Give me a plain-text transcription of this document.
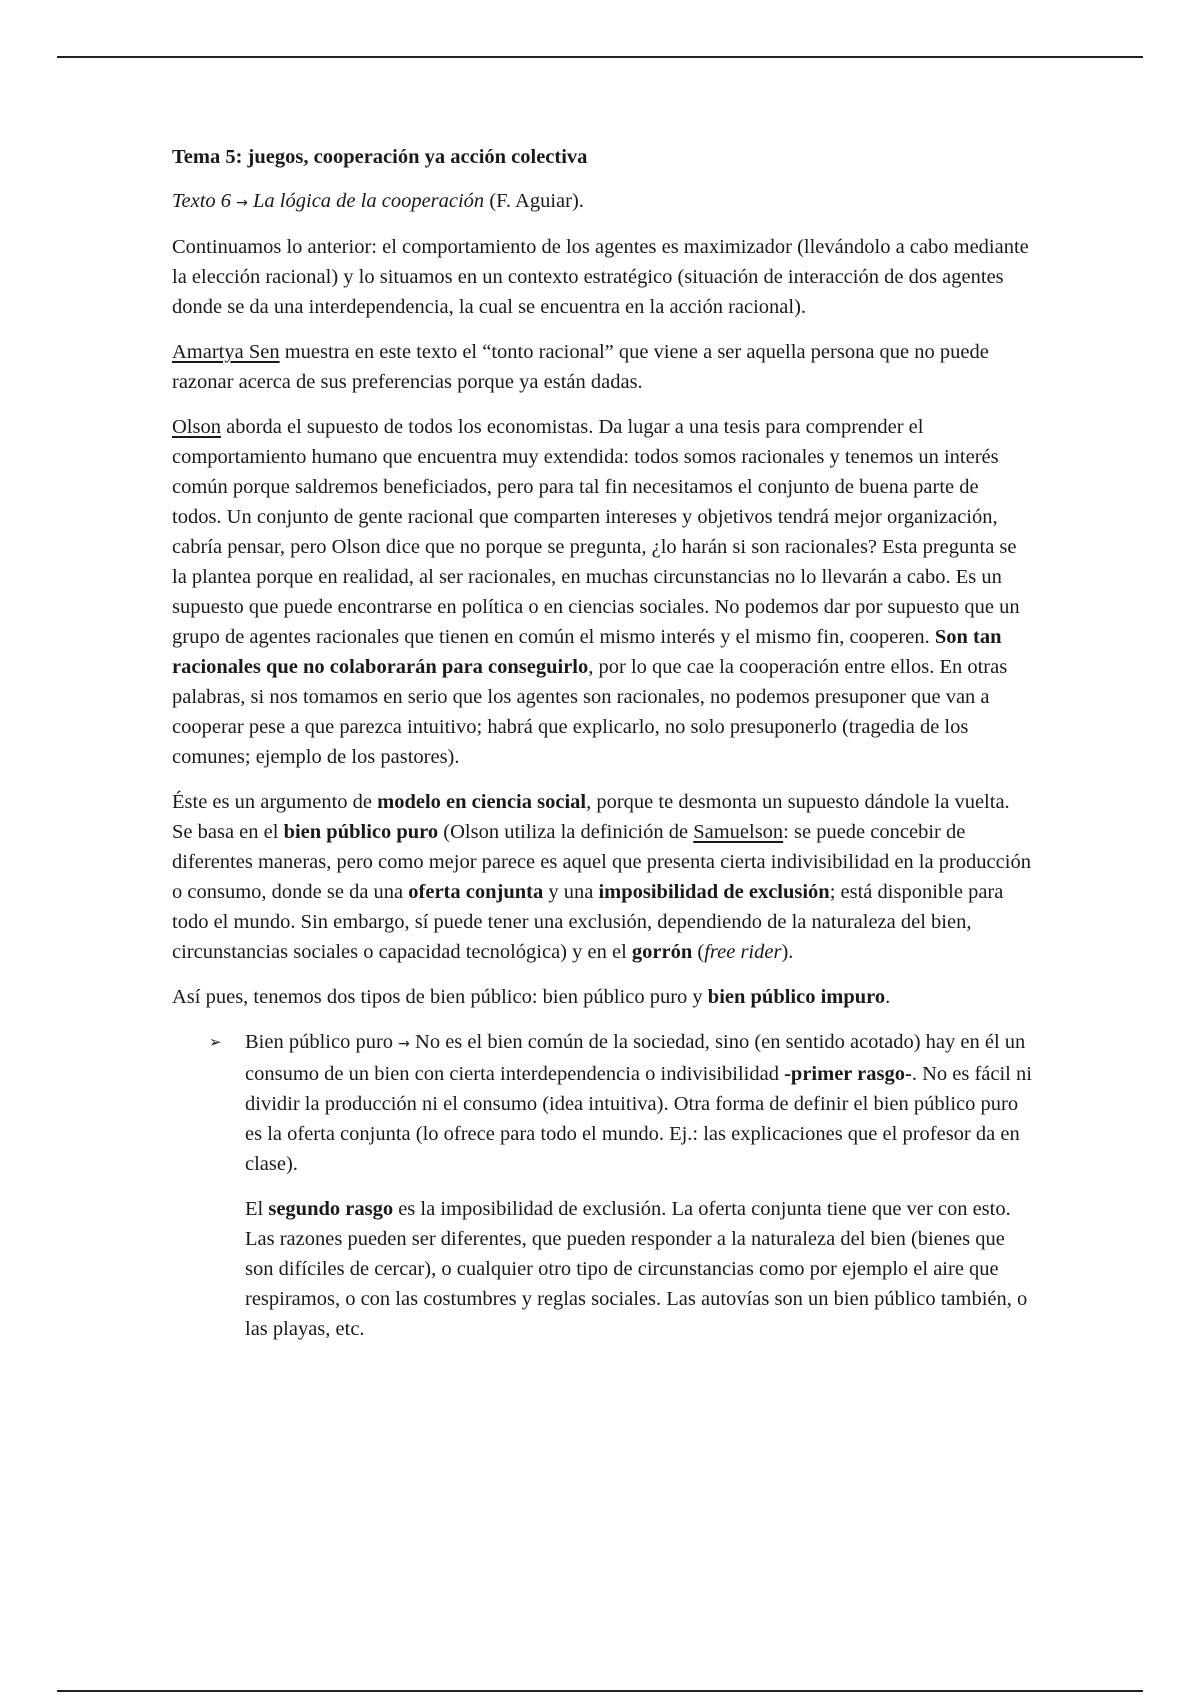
Tema 5: juegos, cooperación ya acción colectiva

Texto 6 → La lógica de la cooperación (F. Aguiar).

Continuamos lo anterior: el comportamiento de los agentes es maximizador (llevándolo a cabo mediante la elección racional) y lo situamos en un contexto estratégico (situación de interacción de dos agentes donde se da una interdependencia, la cual se encuentra en la acción racional).

Amartya Sen muestra en este texto el “tonto racional” que viene a ser aquella persona que no puede razonar acerca de sus preferencias porque ya están dadas.

Olson aborda el supuesto de todos los economistas. Da lugar a una tesis para comprender el comportamiento humano que encuentra muy extendida: todos somos racionales y tenemos un interés común porque saldremos beneficiados, pero para tal fin necesitamos el conjunto de buena parte de todos. Un conjunto de gente racional que comparten intereses y objetivos tendrá mejor organización, cabría pensar, pero Olson dice que no porque se pregunta, ¿lo harán si son racionales? Esta pregunta se la plantea porque en realidad, al ser racionales, en muchas circunstancias no lo llevarán a cabo. Es un supuesto que puede encontrarse en política o en ciencias sociales. No podemos dar por supuesto que un grupo de agentes racionales que tienen en común el mismo interés y el mismo fin, cooperen. Son tan racionales que no colaborarán para conseguirlo, por lo que cae la cooperación entre ellos. En otras palabras, si nos tomamos en serio que los agentes son racionales, no podemos presuponer que van a cooperar pese a que parezca intuitivo; habrá que explicarlo, no solo presuponerlo (tragedia de los comunes; ejemplo de los pastores).

Éste es un argumento de modelo en ciencia social, porque te desmonta un supuesto dándole la vuelta. Se basa en el bien público puro (Olson utiliza la definición de Samuelson: se puede concebir de diferentes maneras, pero como mejor parece es aquel que presenta cierta indivisibilidad en la producción o consumo, donde se da una oferta conjunta y una imposibilidad de exclusión; está disponible para todo el mundo. Sin embargo, sí puede tener una exclusión, dependiendo de la naturaleza del bien, circunstancias sociales o capacidad tecnológica) y en el gorrón (free rider).

Así pues, tenemos dos tipos de bien público: bien público puro y bien público impuro.

➢ Bien público puro → No es el bien común de la sociedad, sino (en sentido acotado) hay en él un consumo de un bien con cierta interdependencia o indivisibilidad -primer rasgo-. No es fácil ni dividir la producción ni el consumo (idea intuitiva). Otra forma de definir el bien público puro es la oferta conjunta (lo ofrece para todo el mundo. Ej.: las explicaciones que el profesor da en clase).

El segundo rasgo es la imposibilidad de exclusión. La oferta conjunta tiene que ver con esto. Las razones pueden ser diferentes, que pueden responder a la naturaleza del bien (bienes que son difíciles de cercar), o cualquier otro tipo de circunstancias como por ejemplo el aire que respiramos, o con las costumbres y reglas sociales. Las autovías son un bien público también, o las playas, etc.
